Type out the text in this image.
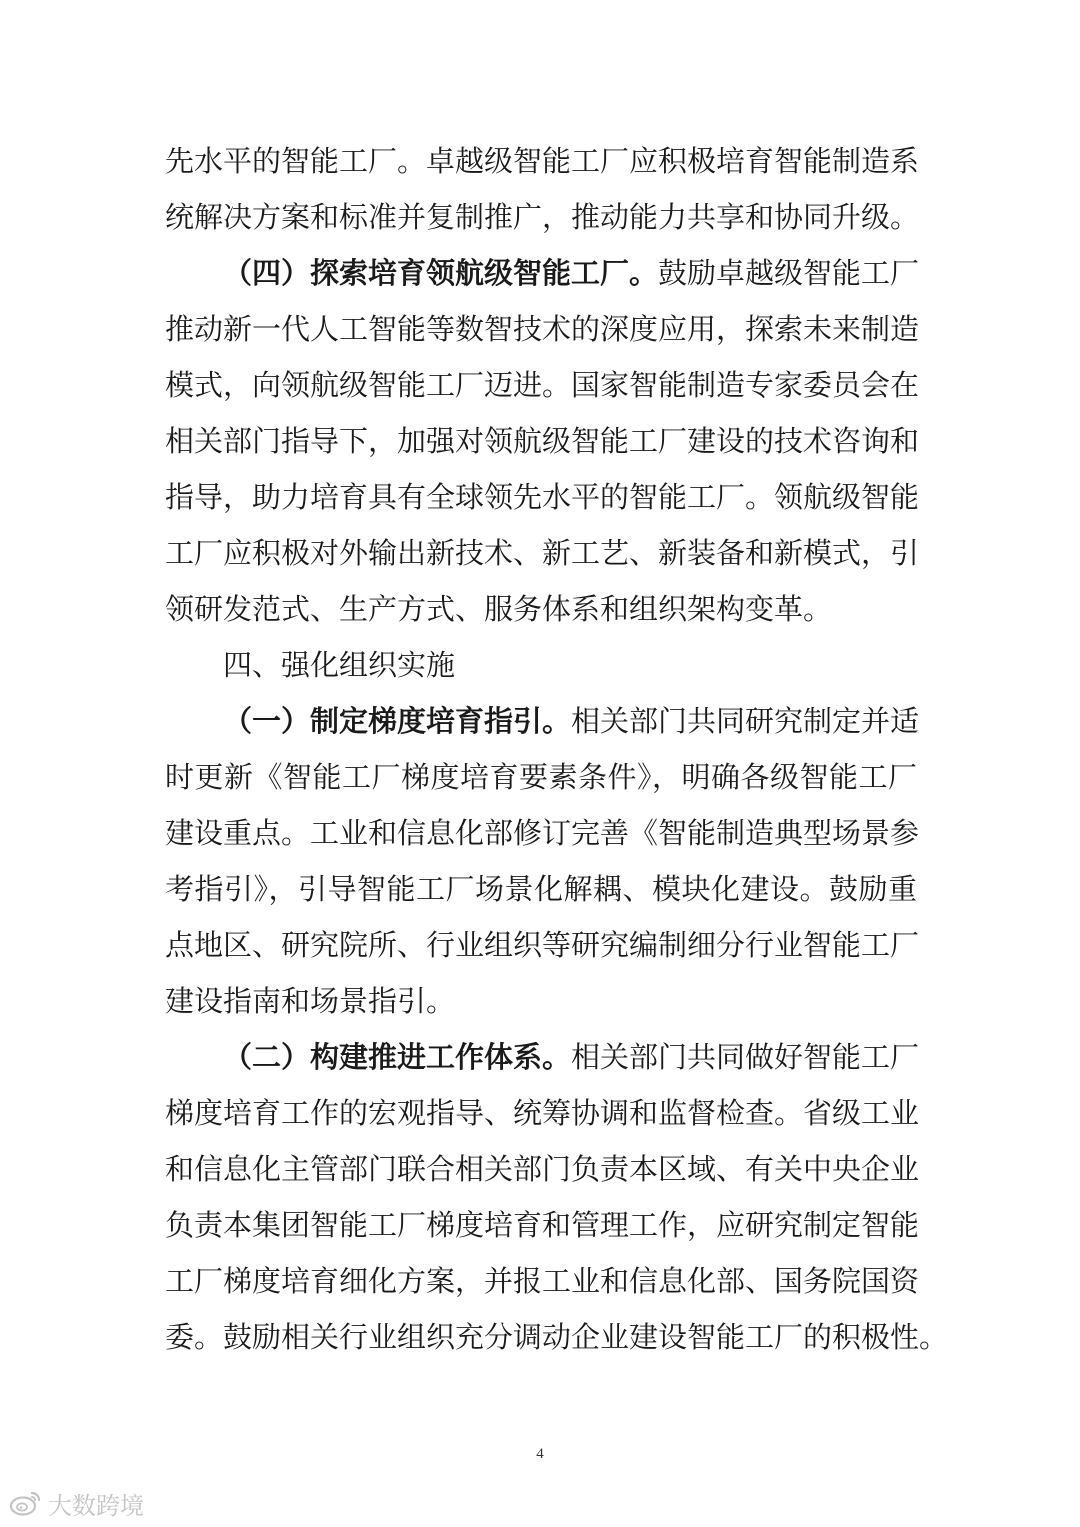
先水平的智能工厂。卓越级智能工厂应积极培育智能制造系
统解决方案和标准并复制推广，推动能力共享和协同升级。
（四）探索培育领航级智能工厂。鼓励卓越级智能工厂
推动新一代人工智能等数智技术的深度应用，探索未来制造
模式，向领航级智能工厂迈进。国家智能制造专家委员会在
相关部门指导下，加强对领航级智能工厂建设的技术咨询和
指导，助力培育具有全球领先水平的智能工厂。领航级智能
工厂应积极对外输出新技术、新工艺、新装备和新模式，引
领研发范式、生产方式、服务体系和组织架构变革。
四、强化组织实施
（一）制定梯度培育指引。相关部门共同研究制定并适
时更新《智能工厂梯度培育要素条件》，明确各级智能工厂
建设重点。工业和信息化部修订完善《智能制造典型场景参
考指引》，引导智能工厂场景化解耦、模块化建设。鼓励重
点地区、研究院所、行业组织等研究编制细分行业智能工厂
建设指南和场景指引。
（二）构建推进工作体系。相关部门共同做好智能工厂
梯度培育工作的宏观指导、统筹协调和监督检查。省级工业
和信息化主管部门联合相关部门负责本区域、有关中央企业
负责本集团智能工厂梯度培育和管理工作，应研究制定智能
工厂梯度培育细化方案，并报工业和信息化部、国务院国资
委。鼓励相关行业组织充分调动企业建设智能工厂的积极性。
4
大数跨境
